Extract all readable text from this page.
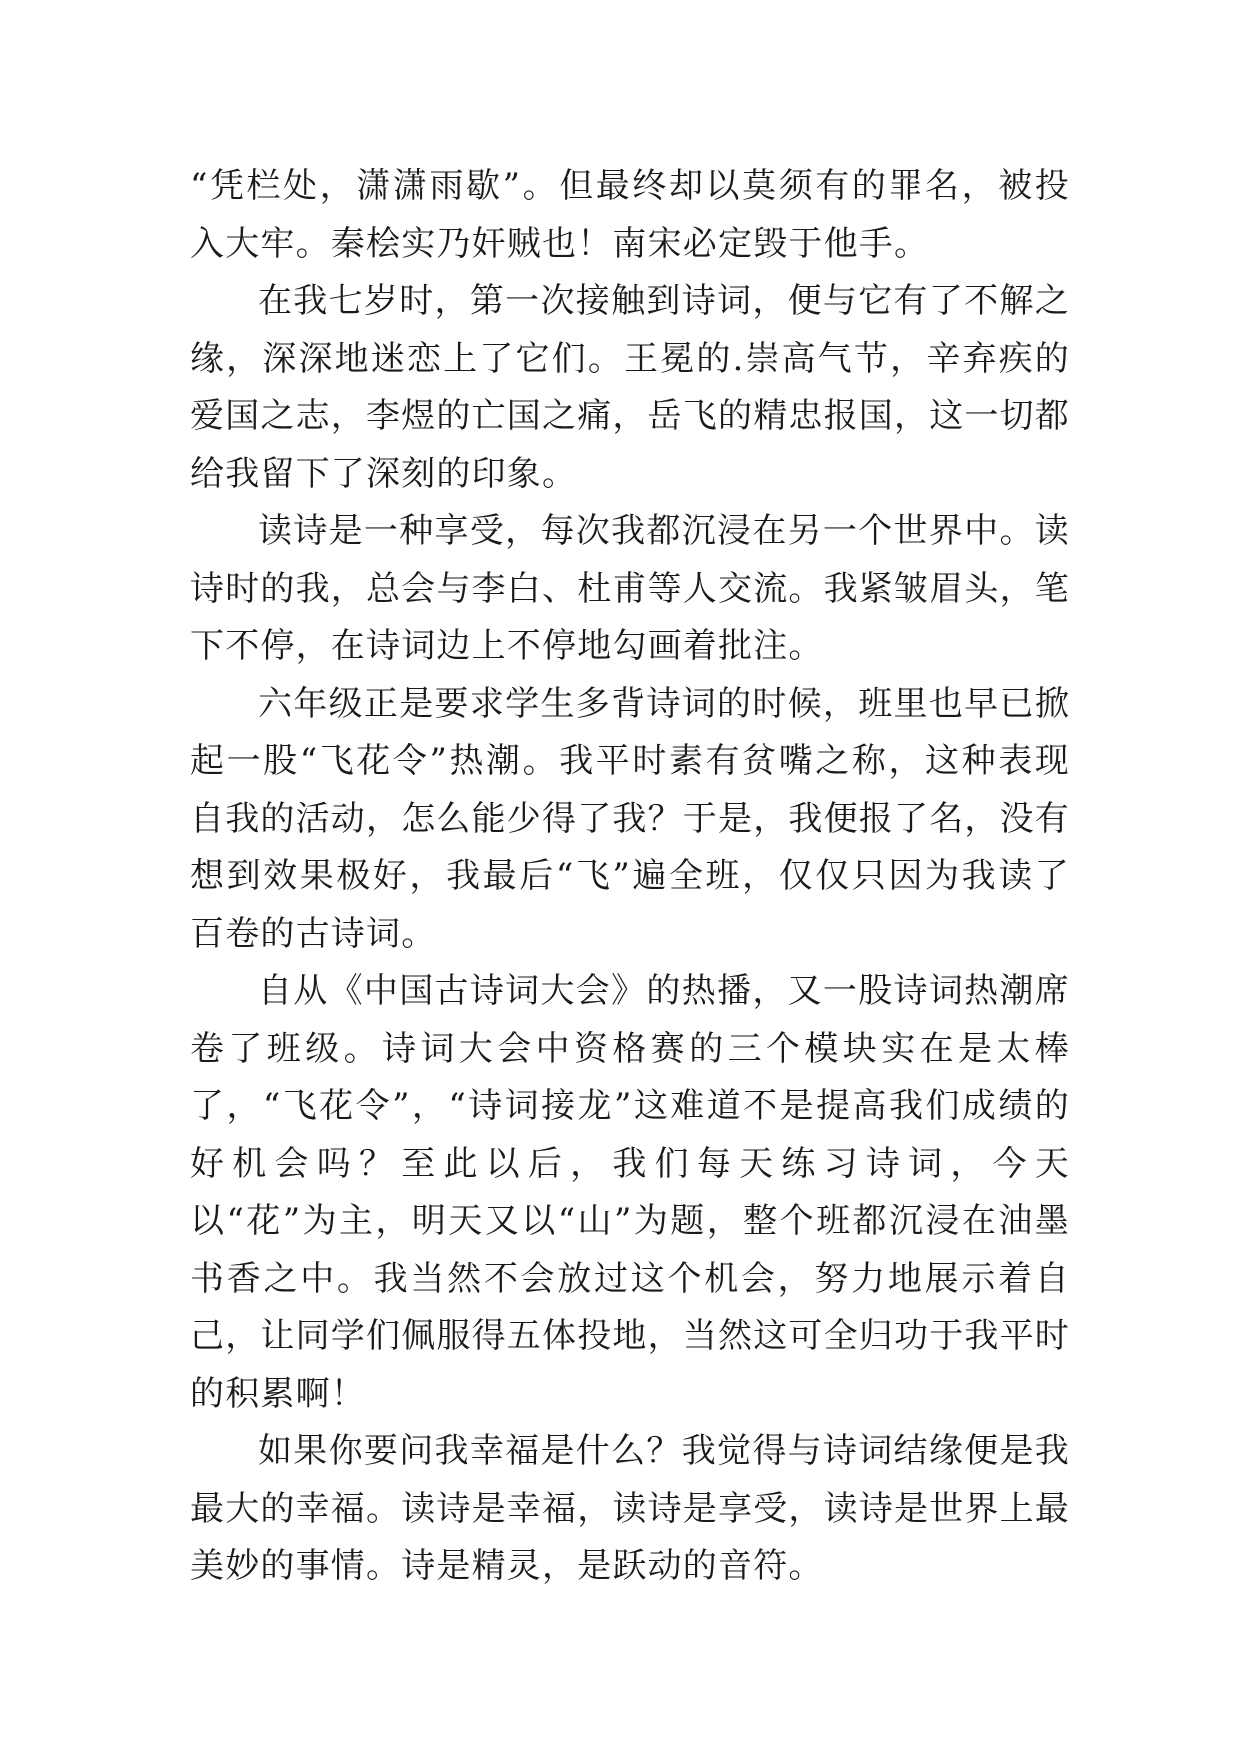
“凭栏处，潇潇雨歇”。但最终却以莫须有的罪名，被投入大牢。秦桧实乃奸贼也！南宋必定毁于他手。

在我七岁时，第一次接触到诗词，便与它有了不解之缘，深深地迷恋上了它们。王冕的.崇高气节，辛弃疾的爱国之志，李煜的亡国之痛，岳飞的精忠报国，这一切都给我留下了深刻的印象。

读诗是一种享受，每次我都沉浸在另一个世界中。读诗时的我，总会与李白、杜甫等人交流。我紧皱眉头，笔下不停，在诗词边上不停地勾画着批注。

六年级正是要求学生多背诗词的时候，班里也早已掀起一股“飞花令”热潮。我平时素有贫嘴之称，这种表现自我的活动，怎么能少得了我？于是，我便报了名，没有想到效果极好，我最后“飞”遍全班，仅仅只因为我读了百卷的古诗词。

自从《中国古诗词大会》的热播，又一股诗词热潮席卷了班级。诗词大会中资格赛的三个模块实在是太棒了，“飞花令”，“诗词接龙”这难道不是提高我们成绩的好机会吗？至此以后，我们每天练习诗词，今天以“花”为主，明天又以“山”为题，整个班都沉浸在油墨书香之中。我当然不会放过这个机会，努力地展示着自己，让同学们佩服得五体投地，当然这可全归功于我平时的积累啊！

如果你要问我幸福是什么？我觉得与诗词结缘便是我最大的幸福。读诗是幸福，读诗是享受，读诗是世界上最美妙的事情。诗是精灵，是跃动的音符。
